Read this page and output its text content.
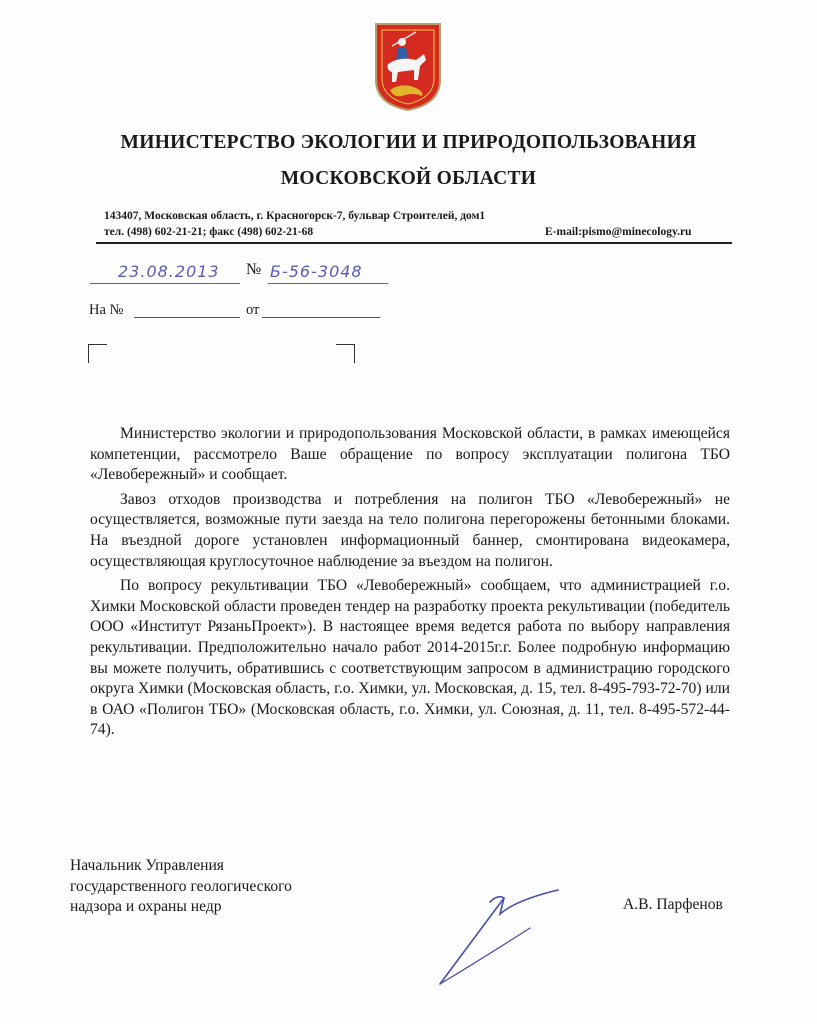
МИНИСТЕРСТВО ЭКОЛОГИИ И ПРИРОДОПОЛЬЗОВАНИЯ
МОСКОВСКОЙ ОБЛАСТИ
143407, Московская область, г. Красногорск-7, бульвар Строителей, дом1
тел. (498) 602-21-21; факс (498) 602-21-68	E-mail:pismo@minecology.ru
23.08.2013 № Б-56-3048
На №	от

Министерство экологии и природопользования Московской области, в рамках имеющейся компетенции, рассмотрело Ваше обращение по вопросу эксплуатации полигона ТБО «Левобережный» и сообщает.

Завоз отходов производства и потребления на полигон ТБО «Левобережный» не осуществляется, возможные пути заезда на тело полигона перегорожены бетонными блоками. На въездной дороге установлен информационный баннер, смонтирована видеокамера, осуществляющая круглосуточное наблюдение за въездом на полигон.

По вопросу рекультивации ТБО «Левобережный» сообщаем, что администрацией г.о. Химки Московской области проведен тендер на разработку проекта рекультивации (победитель ООО «Институт РязаньПроект»). В настоящее время ведется работа по выбору направления рекультивации. Предположительно начало работ 2014-2015г.г. Более подробную информацию вы можете получить, обратившись с соответствующим запросом в администрацию городского округа Химки (Московская область, г.о. Химки, ул. Московская, д. 15, тел. 8-495-793-72-70) или в ОАО «Полигон ТБО» (Московская область, г.о. Химки, ул. Союзная, д. 11, тел. 8-495-572-44-74).

Начальник Управления
государственного геологического
надзора и охраны недр	А.В. Парфенов
